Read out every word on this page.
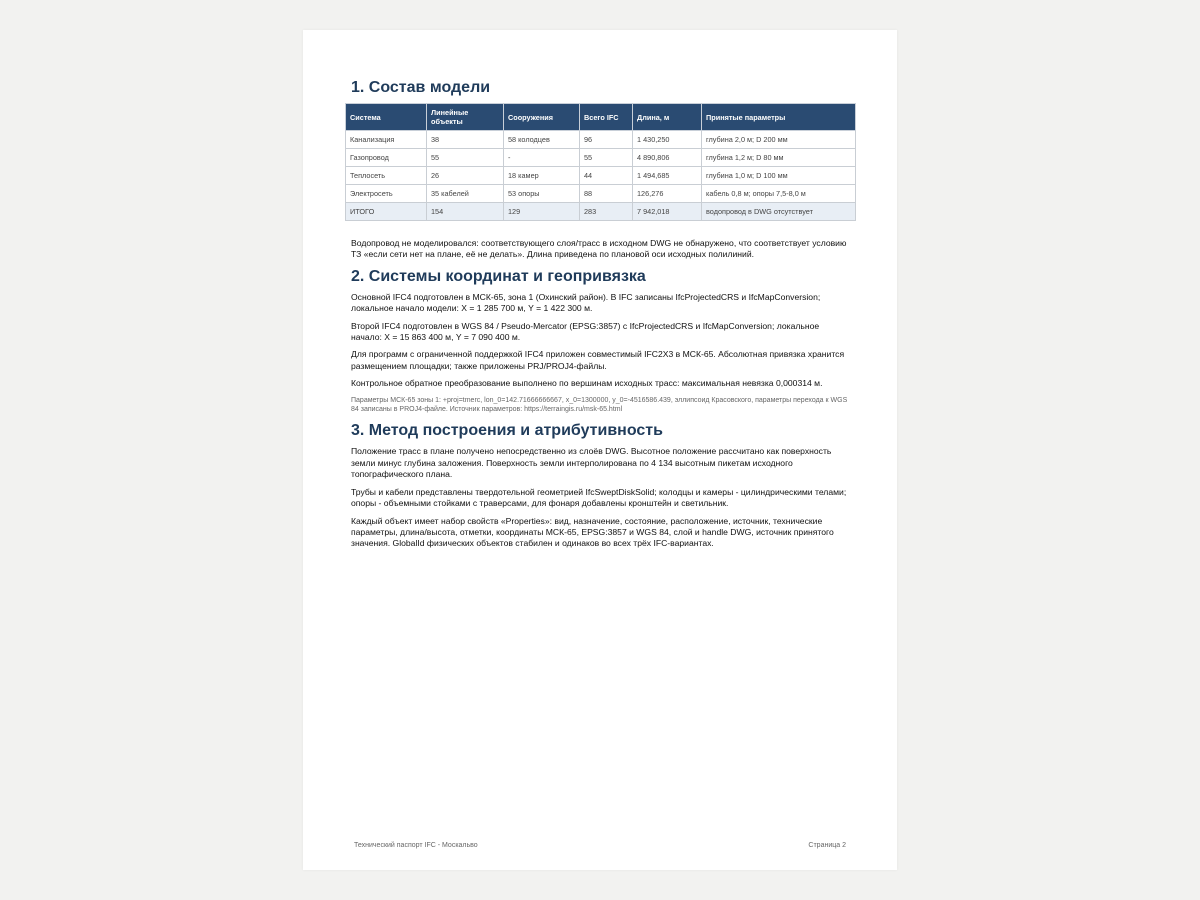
1. Состав модели
Система	Линейные объекты	Сооружения	Всего IFC	Длина, м	Принятые параметры
Канализация	38	58 колодцев	96	1 430,250	глубина 2,0 м; D 200 мм
Газопровод	55	-	55	4 890,806	глубина 1,2 м; D 80 мм
Теплосеть	26	18 камер	44	1 494,685	глубина 1,0 м; D 100 мм
Электросеть	35 кабелей	53 опоры	88	126,276	кабель 0,8 м; опоры 7,5-8,0 м
ИТОГО	154	129	283	7 942,018	водопровод в DWG отсутствует

Водопровод не моделировался: соответствующего слоя/трасс в исходном DWG не обнаружено, что соответствует условию ТЗ «если сети нет на плане, её не делать». Длина приведена по плановой оси исходных полилиний.

2. Системы координат и геопривязка

Основной IFC4 подготовлен в МСК-65, зона 1 (Охинский район). В IFC записаны IfcProjectedCRS и IfcMapConversion; локальное начало модели: X = 1 285 700 м, Y = 1 422 300 м.

Второй IFC4 подготовлен в WGS 84 / Pseudo-Mercator (EPSG:3857) с IfcProjectedCRS и IfcMapConversion; локальное начало: X = 15 863 400 м, Y = 7 090 400 м.

Для программ с ограниченной поддержкой IFC4 приложен совместимый IFC2X3 в МСК-65. Абсолютная привязка хранится размещением площадки; также приложены PRJ/PROJ4-файлы.

Контрольное обратное преобразование выполнено по вершинам исходных трасс: максимальная невязка 0,000314 м.

Параметры МСК-65 зоны 1: +proj=tmerc, lon_0=142.71666666667, x_0=1300000, y_0=-4516586.439, эллипсоид Красовского, параметры перехода к WGS 84 записаны в PROJ4-файле. Источник параметров: https://terraingis.ru/msk-65.html

3. Метод построения и атрибутивность

Положение трасс в плане получено непосредственно из слоёв DWG. Высотное положение рассчитано как поверхность земли минус глубина заложения. Поверхность земли интерполирована по 4 134 высотным пикетам исходного топографического плана.

Трубы и кабели представлены твердотельной геометрией IfcSweptDiskSolid; колодцы и камеры - цилиндрическими телами; опоры - объемными стойками с траверсами, для фонаря добавлены кронштейн и светильник.

Каждый объект имеет набор свойств «Properties»: вид, назначение, состояние, расположение, источник, технические параметры, длина/высота, отметки, координаты МСК-65, EPSG:3857 и WGS 84, слой и handle DWG, источник принятого значения. GlobalId физических объектов стабилен и одинаков во всех трёх IFC-вариантах.

Технический паспорт IFC - Москальво	Страница 2
